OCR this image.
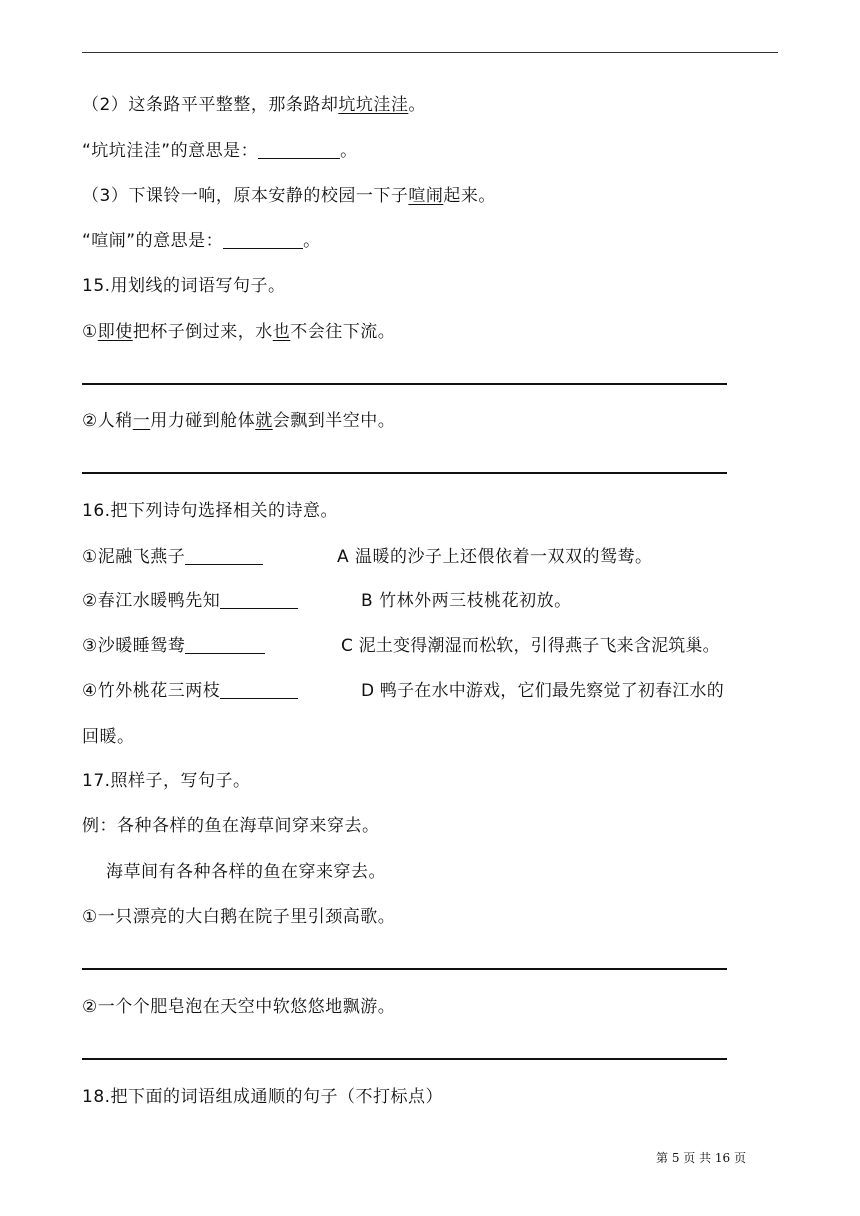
（2）这条路平平整整，那条路却坑坑洼洼。
“坑坑洼洼”的意思是：	。
（3）下课铃一响，原本安静的校园一下子喧闹起来。
“喧闹”的意思是：	。
15.用划线的词语写句子。
①即使把杯子倒过来，水也不会往下流。
②人稍一用力碰到舱体就会飘到半空中。
16.把下列诗句选择相关的诗意。
①泥融飞燕子	A 温暖的沙子上还偎依着一双双的鸳鸯。
②春江水暖鸭先知	B 竹林外两三枝桃花初放。
③沙暖睡鸳鸯	C 泥土变得潮湿而松软，引得燕子飞来含泥筑巢。
④竹外桃花三两枝	D 鸭子在水中游戏，它们最先察觉了初春江水的
回暖。
17.照样子，写句子。
例：各种各样的鱼在海草间穿来穿去。
海草间有各种各样的鱼在穿来穿去。
①一只漂亮的大白鹅在院子里引颈高歌。
②一个个肥皂泡在天空中软悠悠地飘游。
18.把下面的词语组成通顺的句子（不打标点）
第 5 页 共 16 页
